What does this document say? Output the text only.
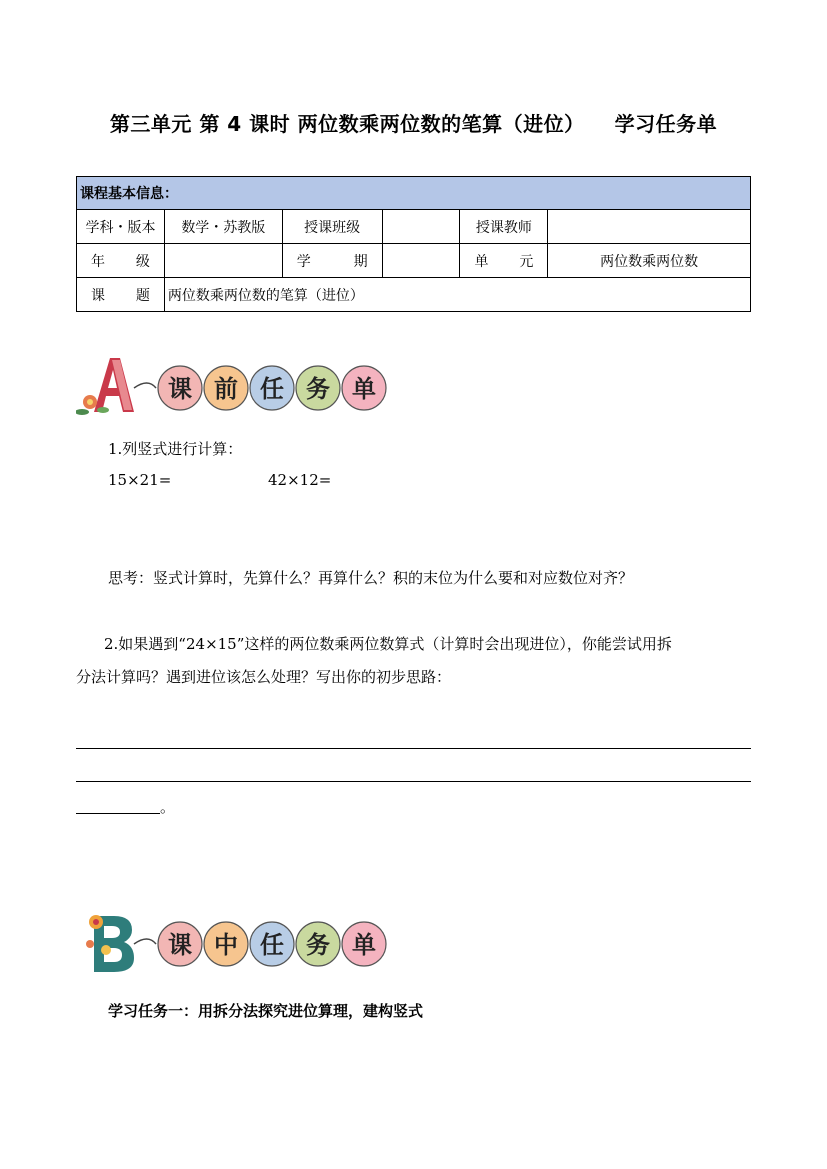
第三单元 第 4 课时 两位数乘两位数的笔算（进位） 学习任务单
课程基本信息：					
学科・版本	数学・苏教版	授课班级		授课教师	
年 级		学 期		单 元	两位数乘两位数
课 题	两位数乘两位数的笔算（进位）				
课 前 任 务 单
A
1.列竖式进行计算：
15×21=	42×12=
思考：竖式计算时，先算什么？再算什么？积的末位为什么要和对应数位对齐？
2.如果遇到“24×15”这样的两位数乘两位数算式（计算时会出现进位），你能尝试用拆
分法计算吗？遇到进位该怎么处理？写出你的初步思路：
。
课 中 任 务 单
B
学习任务一：用拆分法探究进位算理，建构竖式
